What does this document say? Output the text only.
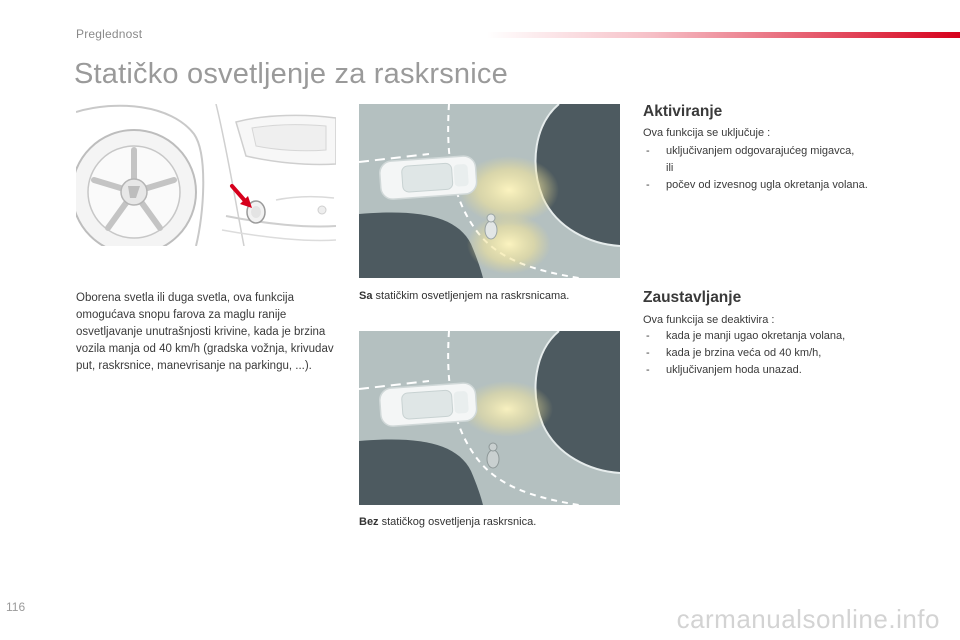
Preglednost
Statičko osvetljenje za raskrsnice

Oborena svetla ili duga svetla, ova funkcija omogućava snopu farova za maglu ranije osvetljavanje unutrašnjosti krivine, kada je brzina vozila manja od 40 km/h (gradska vožnja, krivudav put, raskrsnice, manevrisanje na parkingu, ...).

Sa statičkim osvetljenjem na raskrsnicama.

Bez statičkog osvetljenja raskrsnica.

Aktiviranje

Ova funkcija se uključuje :

- uključivanjem odgovarajućeg migavca,
ili
- počev od izvesnog ugla okretanja volana.
Zaustavljanje

Ova funkcija se deaktivira :

- kada je manji ugao okretanja volana,
- kada je brzina veća od 40 km/h,
- uključivanjem hoda unazad.
116	carmanualsonline.info
